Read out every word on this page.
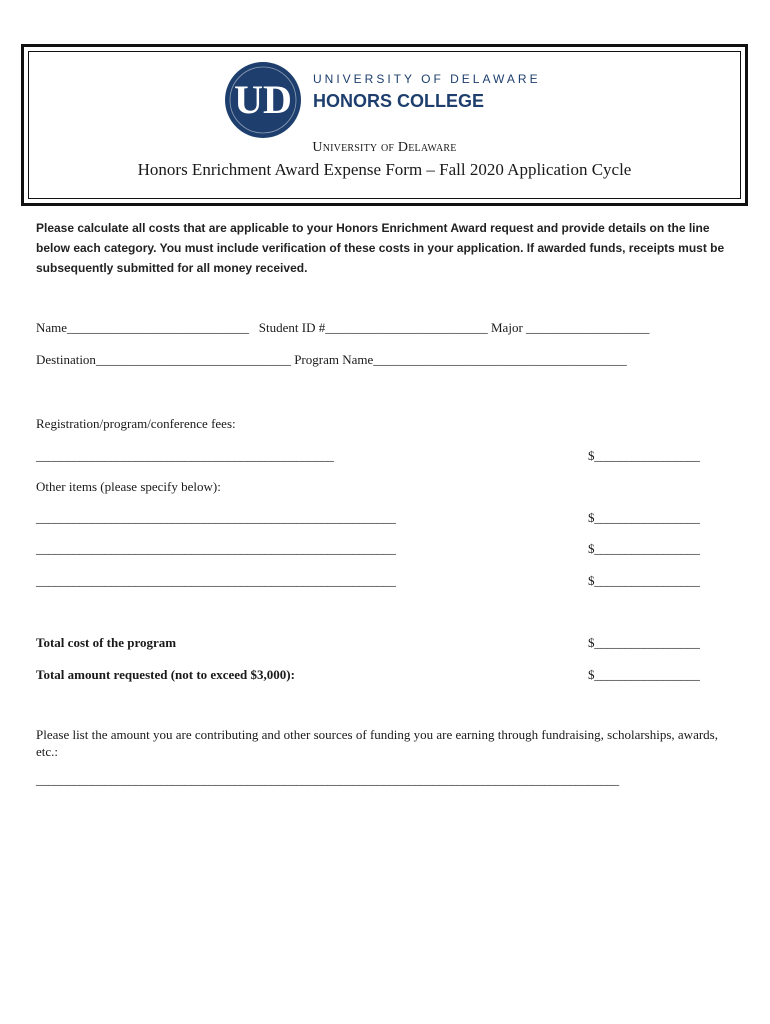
UD UNIVERSITY OF DELAWARE
HONORS COLLEGE
University of Delaware
Honors Enrichment Award Expense Form – Fall 2020 Application Cycle
Please calculate all costs that are applicable to your Honors Enrichment Award request and provide details on the line below each category. You must include verification of these costs in your application. If awarded funds, receipts must be subsequently submitted for all money received.
Name____________________________ Student ID #_________________________ Major ___________________
Destination______________________________ Program Name_______________________________________
Registration/program/conference fees:
________________________________________________	$_________________
Other items (please specify below):
__________________________________________________________	$_________________
__________________________________________________________	$_________________
__________________________________________________________	$_________________
Total cost of the program	$_________________
Total amount requested (not to exceed $3,000):	$_________________
Please list the amount you are contributing and other sources of funding you are earning through fundraising, scholarships, awards, etc.:
______________________________________________________________________________________________
